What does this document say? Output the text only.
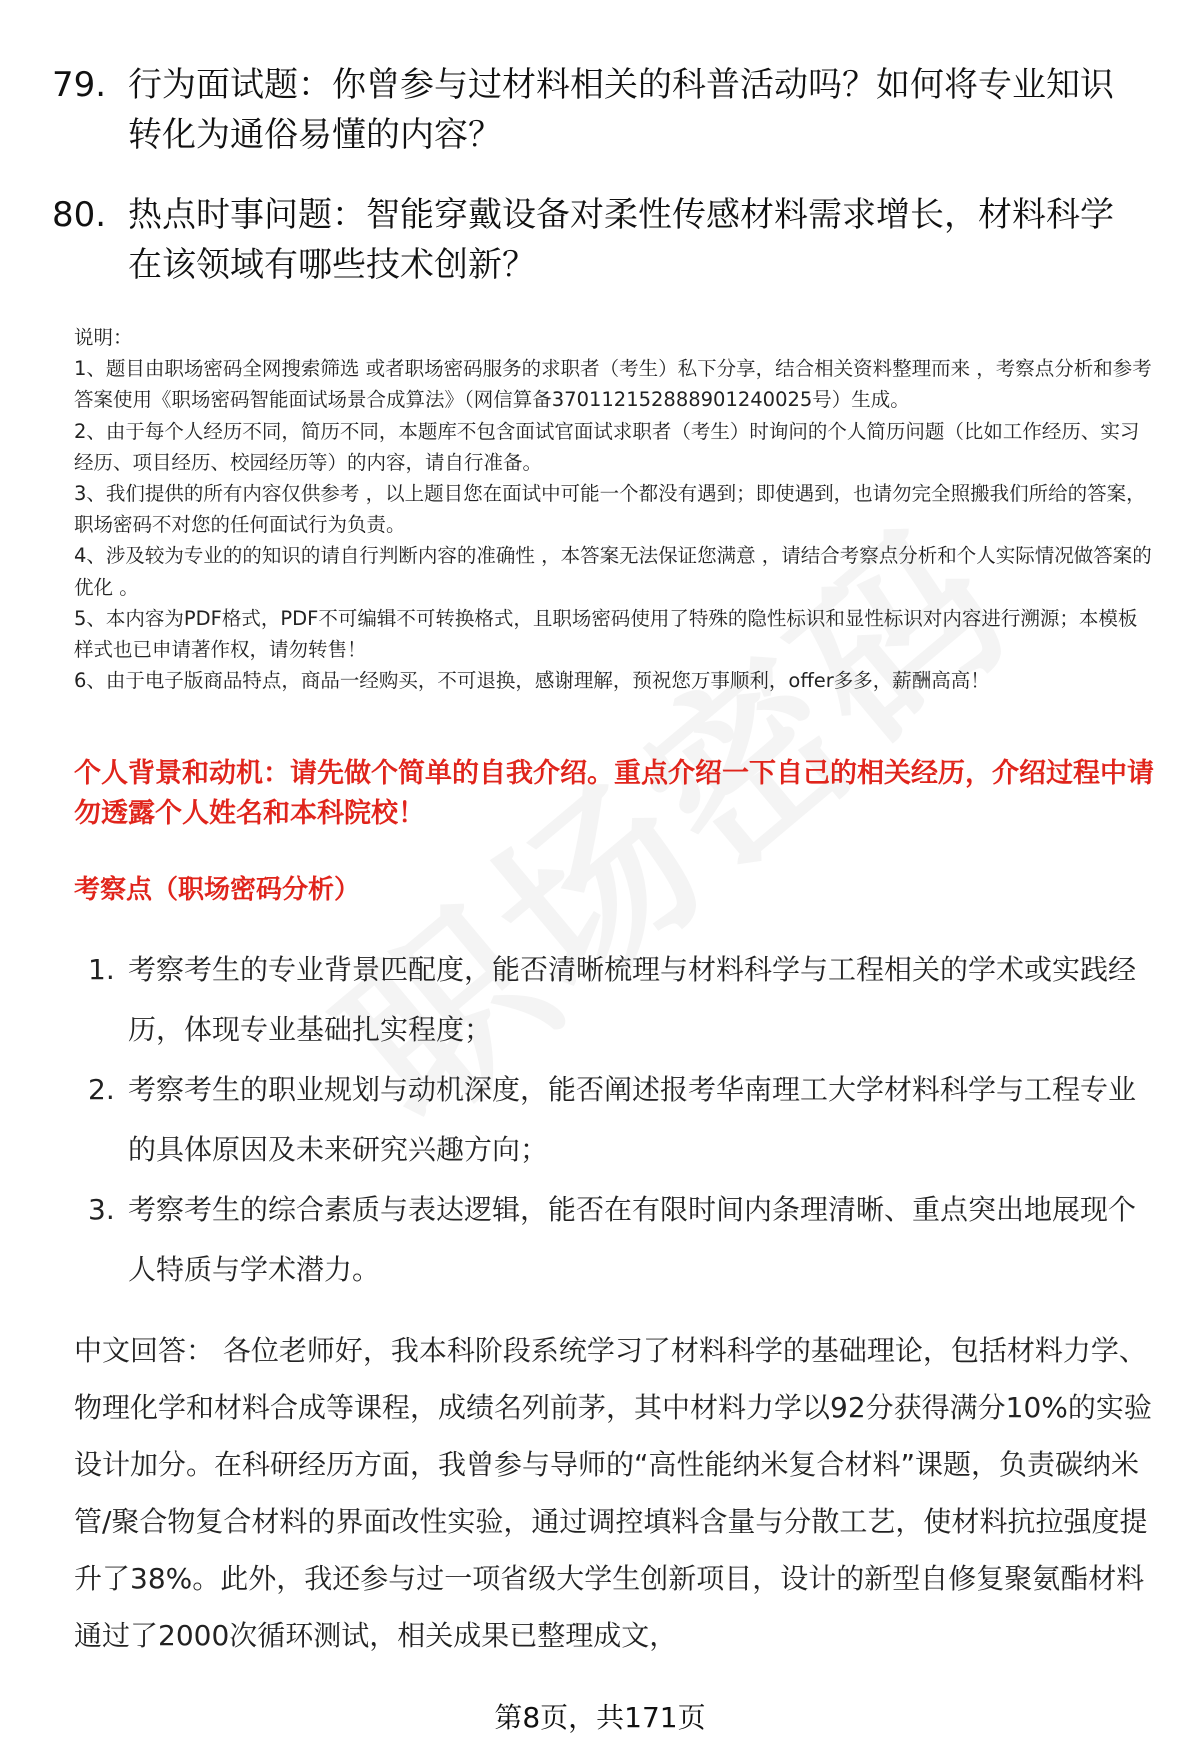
79. 行为面试题：你曾参与过材料相关的科普活动吗？如何将专业知识转化为通俗易懂的内容？
80. 热点时事问题：智能穿戴设备对柔性传感材料需求增长，材料科学在该领域有哪些技术创新？
说明：
1、题目由职场密码全网搜索筛选 或者职场密码服务的求职者（考生）私下分享，结合相关资料整理而来 ，考察点分析和参考答案使用《职场密码智能面试场景合成算法》（网信算备370112152888901240025号）生成。
2、由于每个人经历不同，简历不同，本题库不包含面试官面试求职者（考生）时询问的个人简历问题（比如工作经历、实习经历、项目经历、校园经历等）的内容，请自行准备。
3、我们提供的所有内容仅供参考 ，以上题目您在面试中可能一个都没有遇到；即使遇到，也请勿完全照搬我们所给的答案，职场密码不对您的任何面试行为负责。
4、涉及较为专业的的知识的请自行判断内容的准确性 ，本答案无法保证您满意 ，请结合考察点分析和个人实际情况做答案的优化 。
5、本内容为PDF格式，PDF不可编辑不可转换格式，且职场密码使用了特殊的隐性标识和显性标识对内容进行溯源；本模板样式也已申请著作权，请勿转售！
6、由于电子版商品特点，商品一经购买，不可退换，感谢理解，预祝您万事顺利，offer多多，薪酬高高！
个人背景和动机：请先做个简单的自我介绍。重点介绍一下自己的相关经历，介绍过程中请勿透露个人姓名和本科院校！
考察点（职场密码分析）
1. 考察考生的专业背景匹配度，能否清晰梳理与材料科学与工程相关的学术或实践经历，体现专业基础扎实程度；
2. 考察考生的职业规划与动机深度，能否阐述报考华南理工大学材料科学与工程专业的具体原因及未来研究兴趣方向；
3. 考察考生的综合素质与表达逻辑，能否在有限时间内条理清晰、重点突出地展现个人特质与学术潜力。
中文回答： 各位老师好，我本科阶段系统学习了材料科学的基础理论，包括材料力学、物理化学和材料合成等课程，成绩名列前茅，其中材料力学以92分获得满分10%的实验设计加分。在科研经历方面，我曾参与导师的“高性能纳米复合材料”课题，负责碳纳米管/聚合物复合材料的界面改性实验，通过调控填料含量与分散工艺，使材料抗拉强度提升了38%。此外，我还参与过一项省级大学生创新项目，设计的新型自修复聚氨酯材料通过了2000次循环测试，相关成果已整理成文，
第8页，共171页
